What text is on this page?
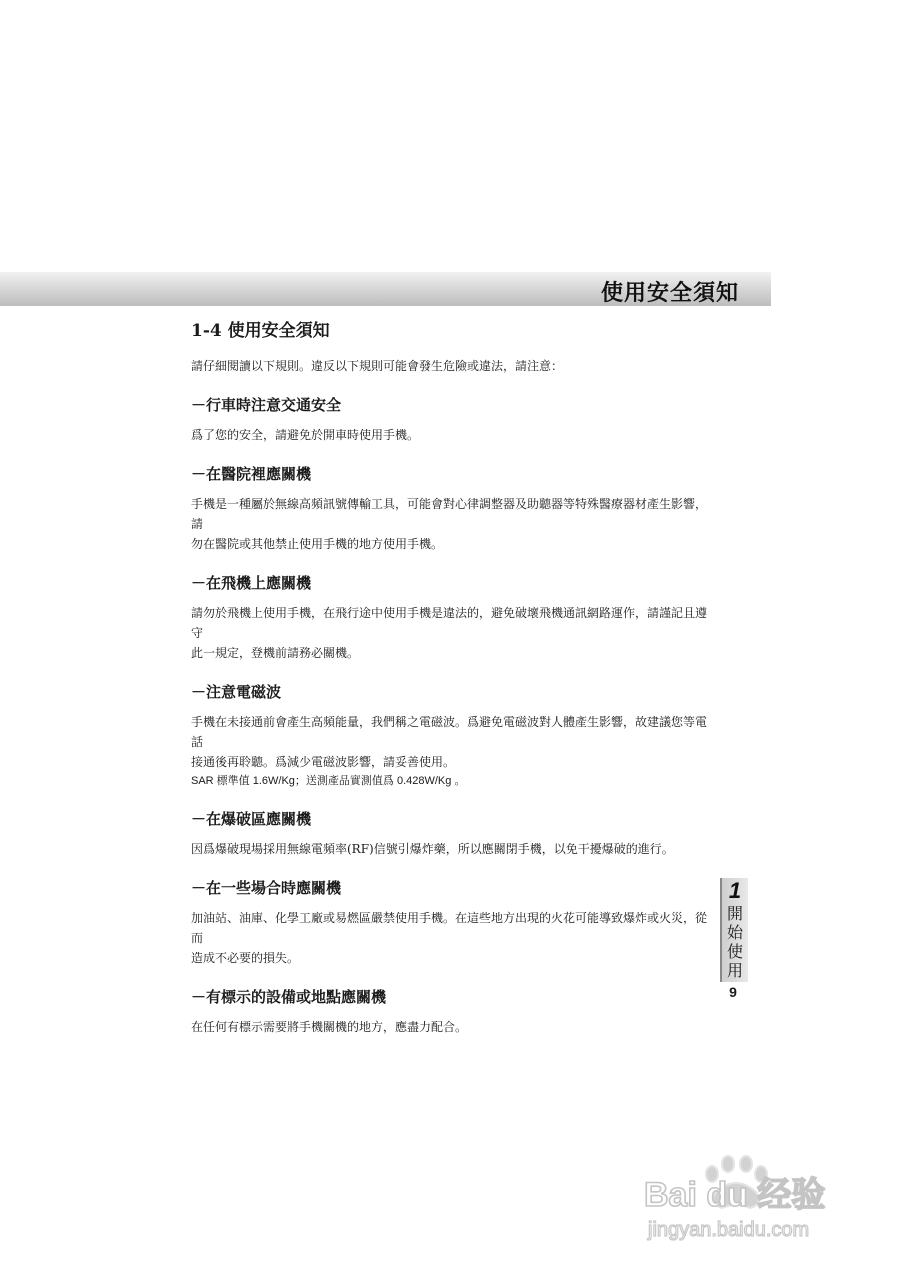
使用安全須知
1-4 使用安全須知

請仔細閱讀以下規則。違反以下規則可能會發生危險或違法，請注意：

－行車時注意交通安全

爲了您的安全，請避免於開車時使用手機。

－在醫院裡應關機

手機是一種屬於無線高頻訊號傳輸工具，可能會對心律調整器及助聽器等特殊醫療器材產生影響，請

勿在醫院或其他禁止使用手機的地方使用手機。

－在飛機上應關機

請勿於飛機上使用手機，在飛行途中使用手機是違法的，避免破壞飛機通訊網路運作，請謹記且遵守

此一規定，登機前請務必關機。

－注意電磁波

手機在未接通前會產生高頻能量，我們稱之電磁波。爲避免電磁波對人體產生影響，故建議您等電話

接通後再聆聽。爲減少電磁波影響，請妥善使用。

SAR 標準值 1.6W/Kg；送測產品實測值爲 0.428W/Kg 。

－在爆破區應關機

因爲爆破現場採用無線電頻率(RF)信號引爆炸藥，所以應關閉手機，以免干擾爆破的進行。

－在一些場合時應關機

加油站、油庫、化學工廠或易燃區嚴禁使用手機。在這些地方出現的火花可能導致爆炸或火災，從而

造成不必要的損失。

－有標示的設備或地點應關機

在任何有標示需要將手機關機的地方，應盡力配合。

1
開始使用
9
Bai du 经验
jingyan.baidu.com
